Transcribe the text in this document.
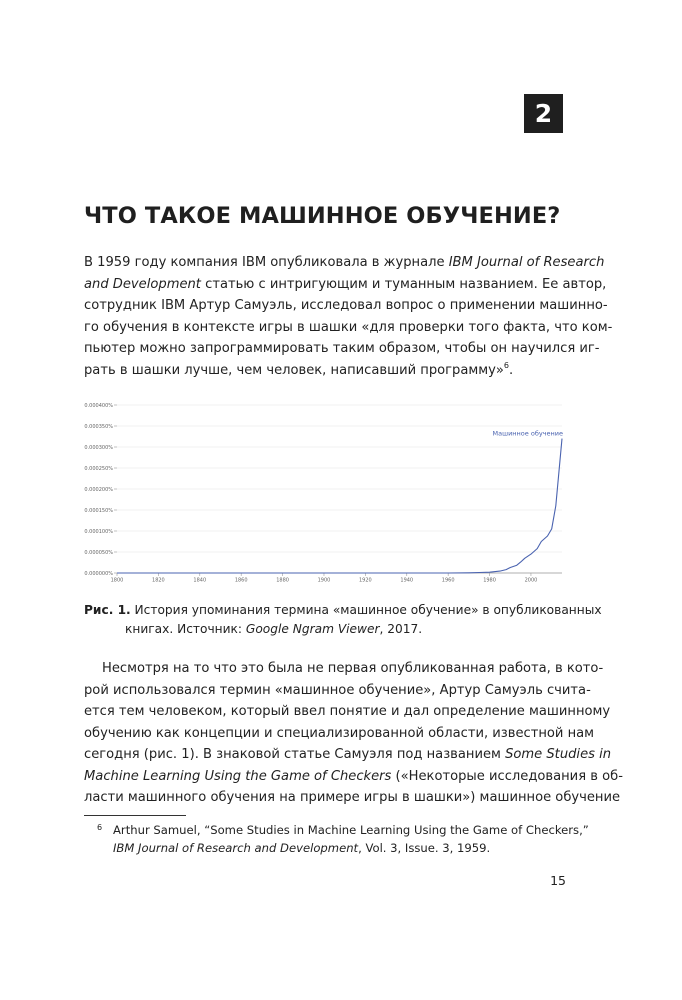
2
ЧТО ТАКОЕ МАШИННОЕ ОБУЧЕНИЕ?
В 1959 году компания IBM опубликовала в журнале IBM Journal of Research
and Development статью с интригующим и туманным названием. Ее автор,
сотрудник IBM Артур Самуэль, исследовал вопрос о применении машинно-
го обучения в контексте игры в шашки «для проверки того факта, что ком-
пьютер можно запрограммировать таким образом, чтобы он научился иг-
рать в шашки лучше, чем человек, написавший программу»$^6$.
0.000000%
0.000050%
0.000100%
0.000150%
0.000200%
0.000250%
0.000300%
0.000350%
0.000400%
1800	1820	1840	1860	1880	1900	1920	1940	1960	1980	2000
Машинное обучение
Рис. 1. История упоминания термина «машинное обучение» в опубликованных
книгах. Источник: Google Ngram Viewer, 2017.
Несмотря на то что это была не первая опубликованная работа, в кото-
рой использовался термин «машинное обучение», Артур Самуэль счита-
ется тем человеком, который ввел понятие и дал определение машинному
обучению как концепции и специализированной области, известной нам
сегодня (рис. 1). В знаковой статье Самуэля под названием Some Studies in
Machine Learning Using the Game of Checkers («Некоторые исследования в об-
ласти машинного обучения на примере игры в шашки») машинное обучение
6 Arthur Samuel, “Some Studies in Machine Learning Using the Game of Checkers,”
IBM Journal of Research and Development, Vol. 3, Issue. 3, 1959.
15
